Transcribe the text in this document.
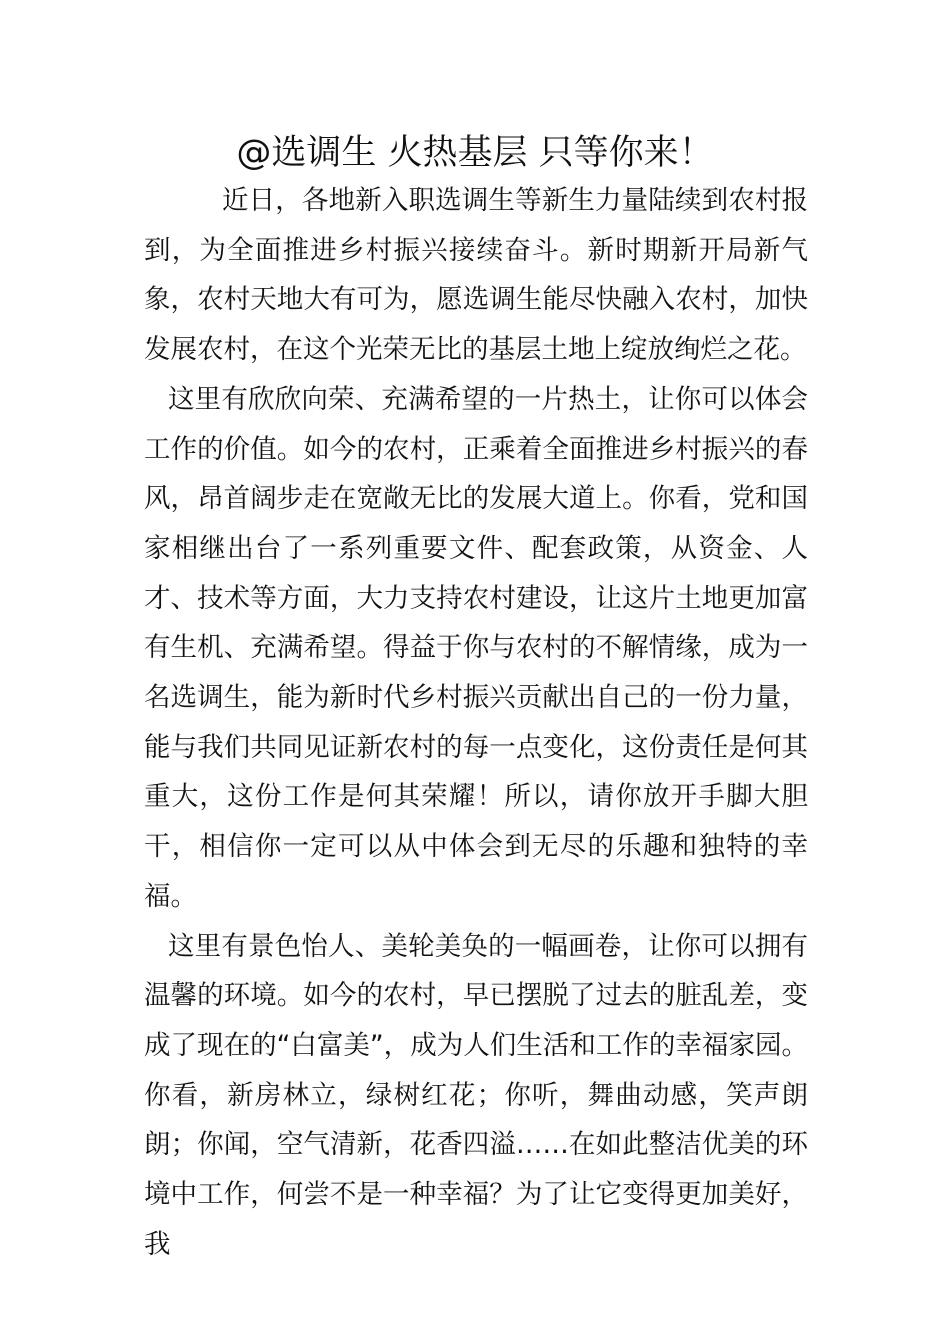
@选调生 火热基层 只等你来！

近日，各地新入职选调生等新生力量陆续到农村报到，为全面推进乡村振兴接续奋斗。新时期新开局新气象，农村天地大有可为，愿选调生能尽快融入农村，加快发展农村，在这个光荣无比的基层土地上绽放绚烂之花。

这里有欣欣向荣、充满希望的一片热土，让你可以体会工作的价值。如今的农村，正乘着全面推进乡村振兴的春风，昂首阔步走在宽敞无比的发展大道上。你看，党和国家相继出台了一系列重要文件、配套政策，从资金、人才、技术等方面，大力支持农村建设，让这片土地更加富有生机、充满希望。得益于你与农村的不解情缘，成为一名选调生，能为新时代乡村振兴贡献出自己的一份力量，能与我们共同见证新农村的每一点变化，这份责任是何其重大，这份工作是何其荣耀！所以，请你放开手脚大胆干，相信你一定可以从中体会到无尽的乐趣和独特的幸福。

这里有景色怡人、美轮美奂的一幅画卷，让你可以拥有温馨的环境。如今的农村，早已摆脱了过去的脏乱差，变成了现在的“白富美”，成为人们生活和工作的幸福家园。你看，新房林立，绿树红花；你听，舞曲动感，笑声朗朗；你闻，空气清新，花香四溢……在如此整洁优美的环境中工作，何尝不是一种幸福？为了让它变得更加美好，我
